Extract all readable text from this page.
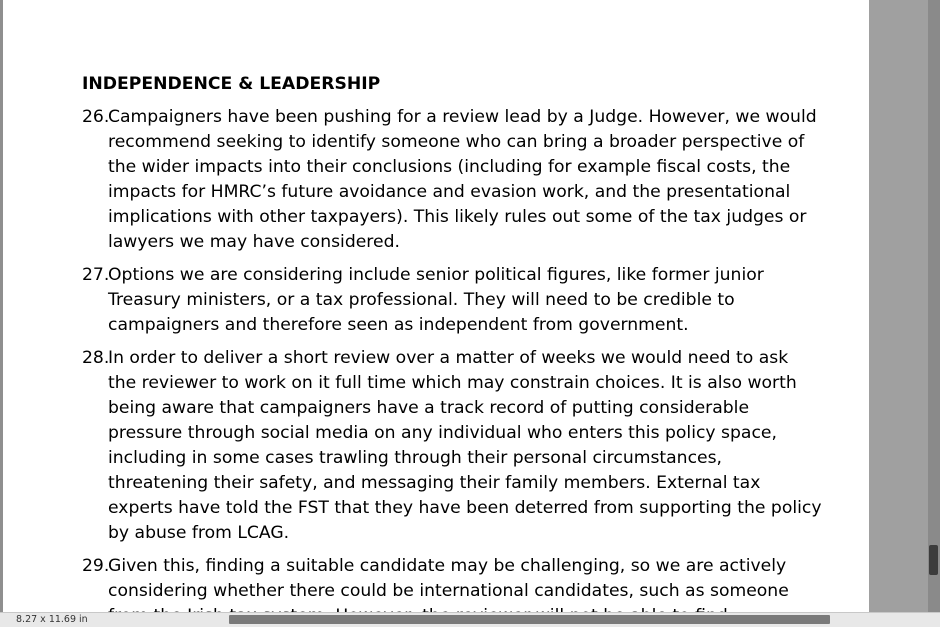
INDEPENDENCE & LEADERSHIP
26.
Campaigners have been pushing for a review lead by a Judge. However, we would
recommend seeking to identify someone who can bring a broader perspective of
the wider impacts into their conclusions (including for example fiscal costs, the
impacts for HMRC’s future avoidance and evasion work, and the presentational
implications with other taxpayers). This likely rules out some of the tax judges or
lawyers we may have considered.
27.
Options we are considering include senior political figures, like former junior
Treasury ministers, or a tax professional. They will need to be credible to
campaigners and therefore seen as independent from government.
28.
In order to deliver a short review over a matter of weeks we would need to ask
the reviewer to work on it full time which may constrain choices. It is also worth
being aware that campaigners have a track record of putting considerable
pressure through social media on any individual who enters this policy space,
including in some cases trawling through their personal circumstances,
threatening their safety, and messaging their family members. External tax
experts have told the FST that they have been deterred from supporting the policy
by abuse from LCAG.
29.
Given this, finding a suitable candidate may be challenging, so we are actively
considering whether there could be international candidates, such as someone
8.27 x 11.69 in
